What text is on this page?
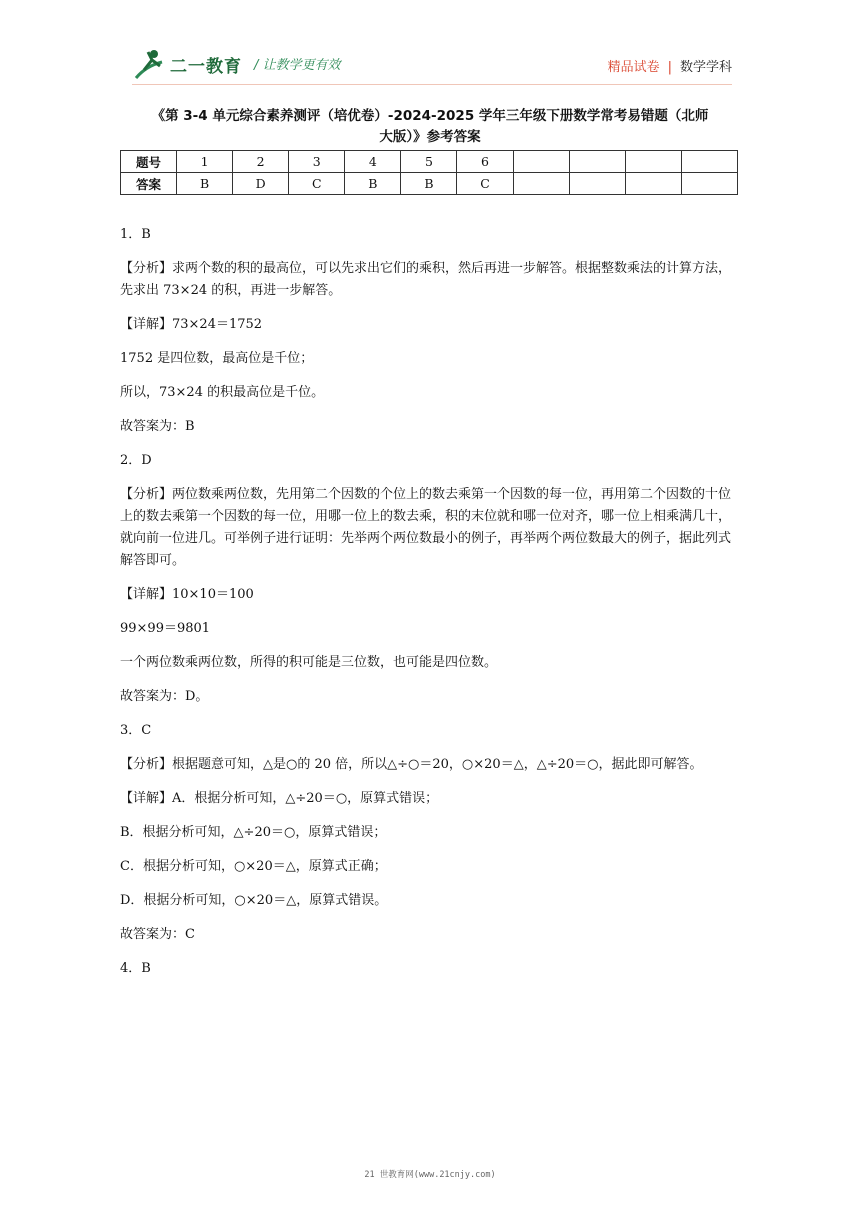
二一教育 / 让教学更有效	精品试卷 | 数学学科
《第 3-4 单元综合素养测评（培优卷）-2024-2025 学年三年级下册数学常考易错题（北师
大版）》参考答案
题号	1	2	3	4	5	6				
答案	B	D	C	B	B	C				

1．B

【分析】求两个数的积的最高位，可以先求出它们的乘积，然后再进一步解答。根据整数乘法的计算方法，先求出 73×24 的积，再进一步解答。

【详解】73×24＝1752

1752 是四位数，最高位是千位；

所以，73×24 的积最高位是千位。

故答案为：B

2．D

【分析】两位数乘两位数，先用第二个因数的个位上的数去乘第一个因数的每一位，再用第二个因数的十位上的数去乘第一个因数的每一位，用哪一位上的数去乘，积的末位就和哪一位对齐，哪一位上相乘满几十，就向前一位进几。可举例子进行证明：先举两个两位数最小的例子，再举两个两位数最大的例子，据此列式解答即可。

【详解】10×10＝100

99×99＝9801

一个两位数乘两位数，所得的积可能是三位数，也可能是四位数。

故答案为：D。

3．C

【分析】根据题意可知，△是○的 20 倍，所以△÷○＝20，○×20＝△，△÷20＝○，据此即可解答。

【详解】A．根据分析可知，△÷20＝○，原算式错误；

B．根据分析可知，△÷20＝○，原算式错误；

C．根据分析可知，○×20＝△，原算式正确；

D．根据分析可知，○×20＝△，原算式错误。

故答案为：C

4．B

21 世教育网(www.21cnjy.com)
